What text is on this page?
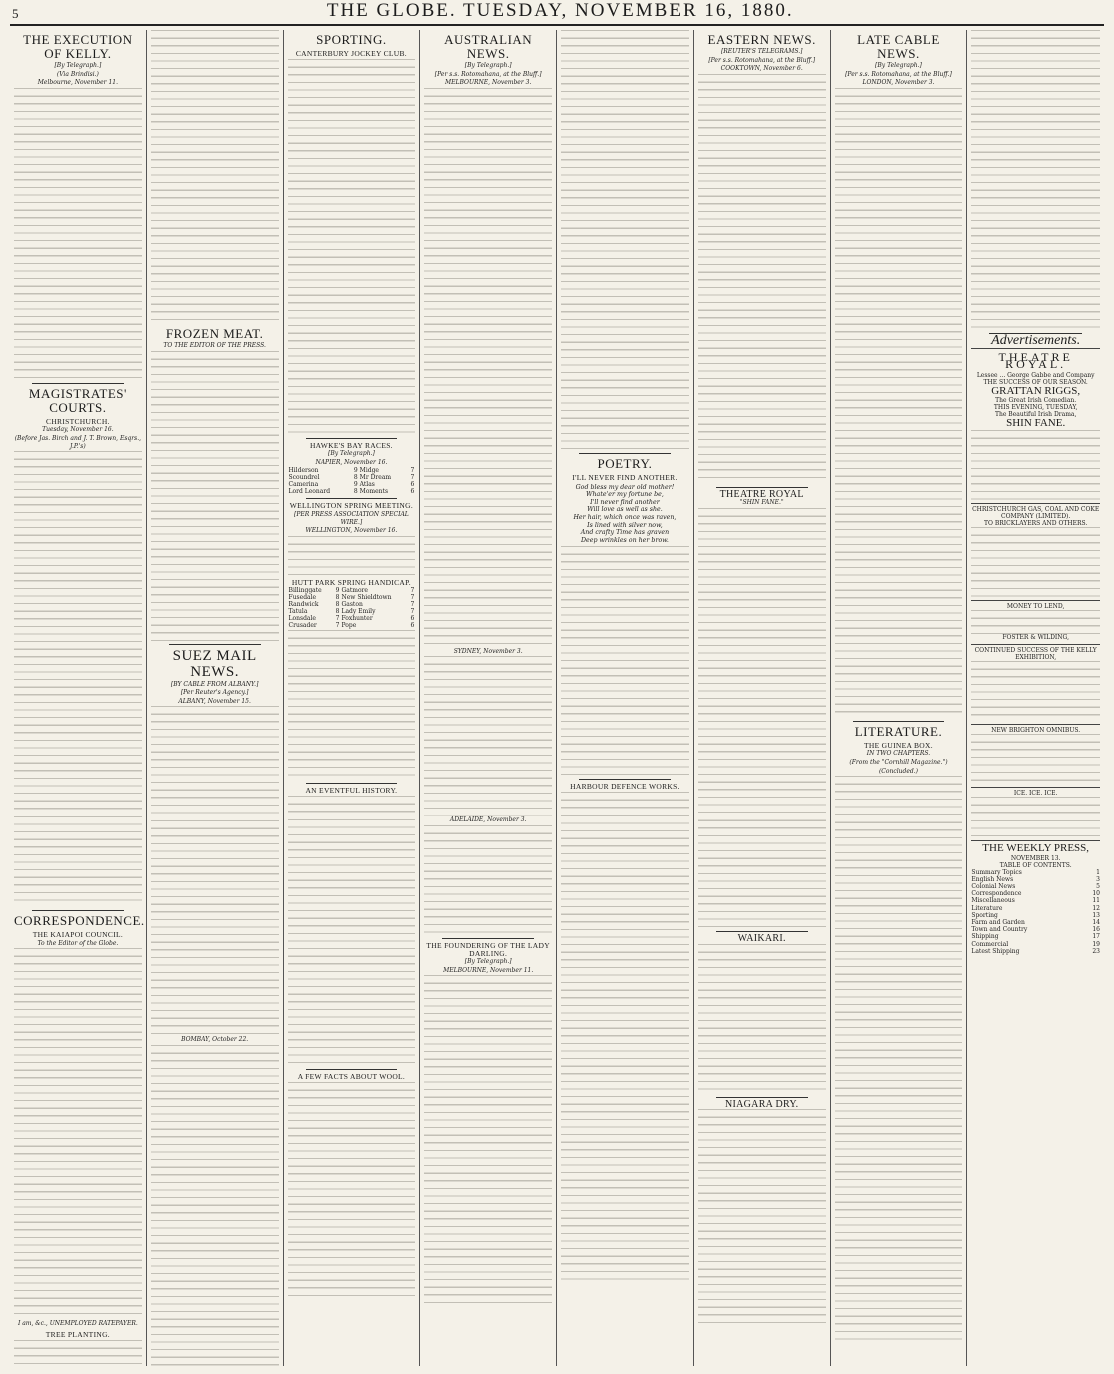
5	THE GLOBE. TUESDAY, NOVEMBER 16, 1880.
THE EXECUTION OF KELLY.
[By Telegraph.]
(Via Brindisi.)
Melbourne, November 11.
MAGISTRATES' COURTS.
CHRISTCHURCH.
Tuesday, November 16.
(Before Jas. Birch and J. T. Brown, Esqrs., J.P.'s)
CORRESPONDENCE.
THE KAIAPOI COUNCIL.
To the Editor of the Globe.
I am, &c., UNEMPLOYED RATEPAYER.
TREE PLANTING.
FROZEN MEAT.
TO THE EDITOR OF THE PRESS.
SUEZ MAIL NEWS.
[BY CABLE FROM ALBANY.]
[Per Reuter's Agency.]
ALBANY, November 15.
BOMBAY, October 22.
SPORTING.
CANTERBURY JOCKEY CLUB.
HAWKE'S BAY RACES.
[By Telegraph.]
NAPIER, November 16.
Hilderson	9	Midge	7
Scoundrel	8	Mr Dream	7
Camerina	9	Atlas	6
Lord Leonard	8	Moments	6
WELLINGTON SPRING MEETING.
[PER PRESS ASSOCIATION SPECIAL WIRE.]
WELLINGTON, November 16.
HUTT PARK SPRING HANDICAP.
Billinggate	9	Gatmore	7
Fusedale	8	New Shieldtown	7
Randwick	8	Gaston	7
Tatula	8	Lady Emily	7
Lonsdale	7	Foxhunter	6
Crusader	7	Pope	6
AN EVENTFUL HISTORY.
A FEW FACTS ABOUT WOOL.
AUSTRALIAN NEWS.
[By Telegraph.]
[Per s.s. Rotomahana, at the Bluff.]
MELBOURNE, November 3.
SYDNEY, November 3.
ADELAIDE, November 3.
THE FOUNDERING OF THE LADY DARLING.
[By Telegraph.]
MELBOURNE, November 11.
POETRY.
I'LL NEVER FIND ANOTHER.
God bless my dear old mother!
Whate'er my fortune be,
I'll never find another
Will love as well as she.
Her hair, which once was raven,
Is lined with silver now,
And crafty Time has graven
Deep wrinkles on her brow.
HARBOUR DEFENCE WORKS.
EASTERN NEWS.
[REUTER'S TELEGRAMS.]
[Per s.s. Rotomahana, at the Bluff.]
COOKTOWN, November 6.
THEATRE ROYAL
"SHIN FANE."
WAIKARI.
NIAGARA DRY.
LATE CABLE NEWS.
[By Telegraph.]
[Per s.s. Rotomahana, at the Bluff.]
LONDON, November 3.
LITERATURE.
THE GUINEA BOX.
IN TWO CHAPTERS.
(From the "Cornhill Magazine.")
(Concluded.)
Advertisements.
THEATRE ROYAL.
Lessee ... George Gabbe and Company
THE SUCCESS OF OUR SEASON.
GRATTAN RIGGS,
The Great Irish Comedian.
THIS EVENING, TUESDAY,
The Beautiful Irish Drama,
SHIN FANE.
CHRISTCHURCH GAS, COAL AND COKE COMPANY (LIMITED).
TO BRICKLAYERS AND OTHERS.
MONEY TO LEND,
FOSTER & WILDING,
CONTINUED SUCCESS OF THE KELLY EXHIBITION,
NEW BRIGHTON OMNIBUS.
ICE. ICE. ICE.
THE WEEKLY PRESS,
NOVEMBER 13.
TABLE OF CONTENTS.
Summary Topics	1
English News	3
Colonial News	5
Correspondence	10
Miscellaneous	11
Literature	12
Sporting	13
Farm and Garden	14
Town and Country	16
Shipping	17
Commercial	19
Latest Shipping	23
